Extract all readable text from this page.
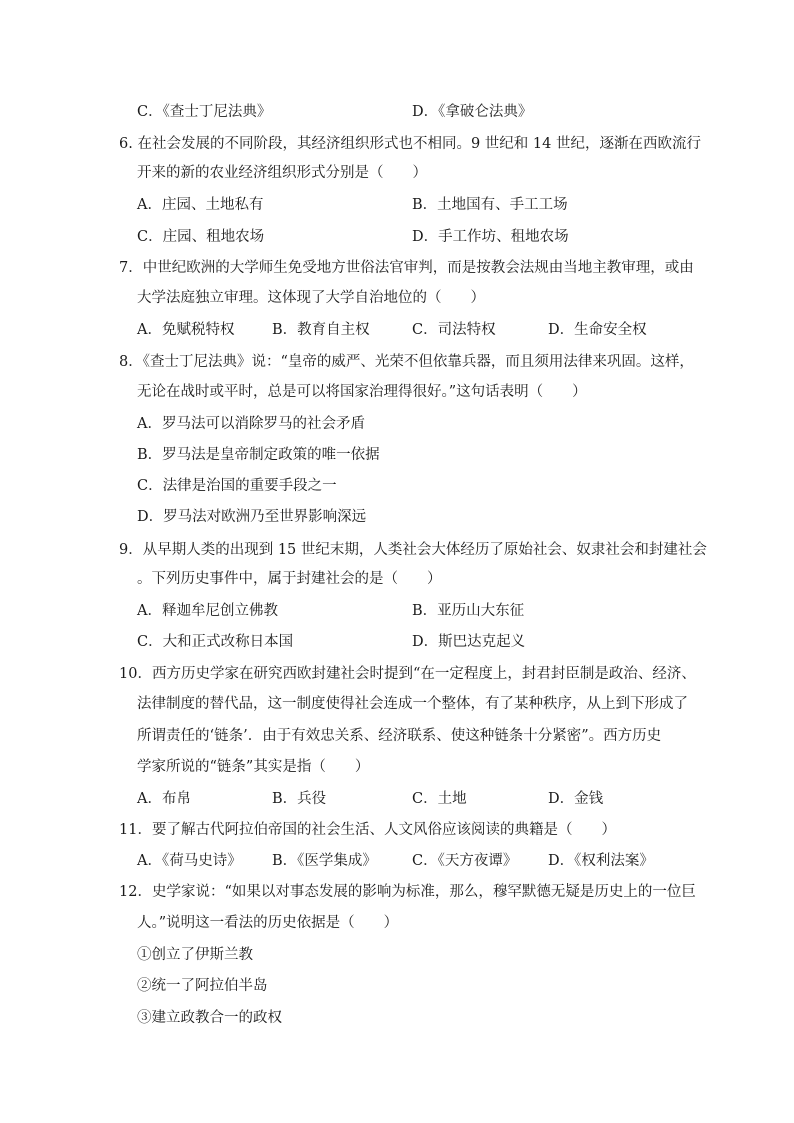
C．《查士丁尼法典》	D．《拿破仑法典》
6. 在社会发展的不同阶段，其经济组织形式也不相同。9 世纪和 14 世纪，逐渐在西欧流行
开来的新的农业经济组织形式分别是（　　）
A．庄园、土地私有	B．土地国有、手工工场
C．庄园、租地农场	D．手工作坊、租地农场
7．中世纪欧洲的大学师生免受地方世俗法官审判，而是按教会法规由当地主教审理，或由
大学法庭独立审理。这体现了大学自治地位的（　　）
A．免赋税特权	B．教育自主权	C．司法特权	D．生命安全权
8．《查士丁尼法典》说：“皇帝的威严、光荣不但依靠兵器，而且须用法律来巩固。这样，
无论在战时或平时，总是可以将国家治理得很好。”这句话表明（　　）
A．罗马法可以消除罗马的社会矛盾
B．罗马法是皇帝制定政策的唯一依据
C．法律是治国的重要手段之一
D．罗马法对欧洲乃至世界影响深远
9．从早期人类的出现到 15 世纪末期，人类社会大体经历了原始社会、奴隶社会和封建社会
。下列历史事件中，属于封建社会的是（　　）
A．释迦牟尼创立佛教	B．亚历山大东征
C．大和正式改称日本国	D．斯巴达克起义
10．西方历史学家在研究西欧封建社会时提到“在一定程度上，封君封臣制是政治、经济、
法律制度的替代品，这一制度使得社会连成一个整体，有了某种秩序，从上到下形成了
所谓责任的‘链条’．由于有效忠关系、经济联系、使这种链条十分紧密”。西方历史
学家所说的“链条”其实是指（　　）
A．布帛	B．兵役	C．土地	D．金钱
11．要了解古代阿拉伯帝国的社会生活、人文风俗应该阅读的典籍是（　　）
A．《荷马史诗》 B．《医学集成》 C．《天方夜谭》 D．《权利法案》
12．史学家说：“如果以对事态发展的影响为标准，那么，穆罕默德无疑是历史上的一位巨
人。”说明这一看法的历史依据是（　　）
①创立了伊斯兰教
②统一了阿拉伯半岛
③建立政教合一的政权
